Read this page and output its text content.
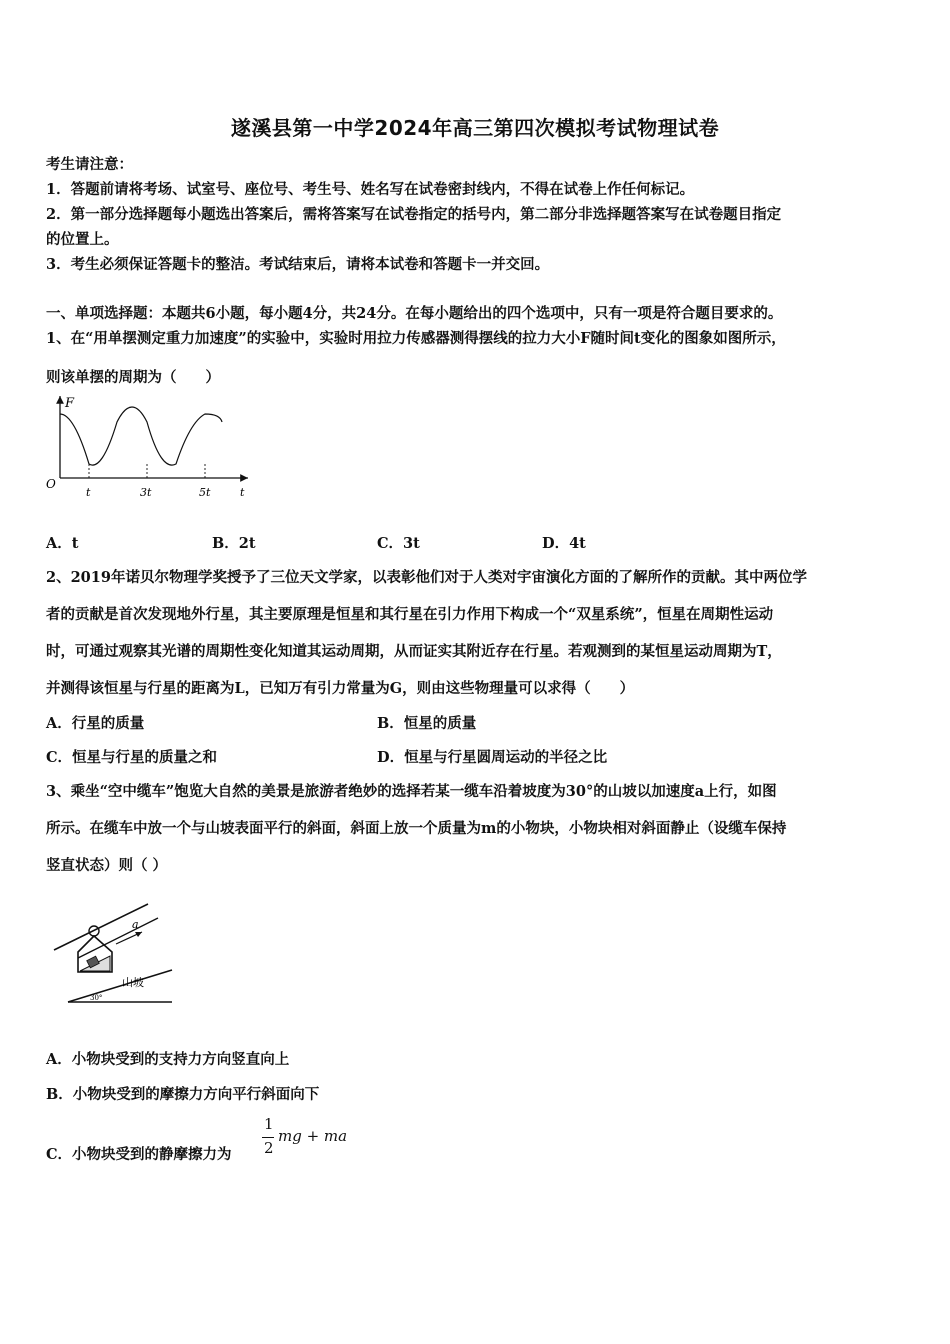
遂溪县第一中学2024年高三第四次模拟考试物理试卷
考生请注意：
1．答题前请将考场、试室号、座位号、考生号、姓名写在试卷密封线内，不得在试卷上作任何标记。
2．第一部分选择题每小题选出答案后，需将答案写在试卷指定的括号内，第二部分非选择题答案写在试卷题目指定
的位置上。
3．考生必须保证答题卡的整洁。考试结束后，请将本试卷和答题卡一并交回。
一、单项选择题：本题共6小题，每小题4分，共24分。在每小题给出的四个选项中，只有一项是符合题目要求的。
1、在“用单摆测定重力加速度”的实验中，实验时用拉力传感器测得摆线的拉力大小F随时间t变化的图象如图所示，
则该单摆的周期为（　　）
F
O
t
t	3t	5t
A．t	B．2t	C．3t	D．4t
2、2019年诺贝尔物理学奖授予了三位天文学家，以表彰他们对于人类对宇宙演化方面的了解所作的贡献。其中两位学
者的贡献是首次发现地外行星，其主要原理是恒星和其行星在引力作用下构成一个“双星系统”，恒星在周期性运动
时，可通过观察其光谱的周期性变化知道其运动周期，从而证实其附近存在行星。若观测到的某恒星运动周期为T，
并测得该恒星与行星的距离为L，已知万有引力常量为G，则由这些物理量可以求得（　　）
A．行星的质量	B．恒星的质量
C．恒星与行星的质量之和	D．恒星与行星圆周运动的半径之比
3、乘坐“空中缆车”饱览大自然的美景是旅游者绝妙的选择若某一缆车沿着坡度为30°的山坡以加速度a上行，如图
所示。在缆车中放一个与山坡表面平行的斜面，斜面上放一个质量为m的小物块，小物块相对斜面静止（设缆车保持
竖直状态）则（ ）
a
30°
山坡
A．小物块受到的支持力方向竖直向上
B．小物块受到的摩擦力方向平行斜面向下
C．小物块受到的静摩擦力为
1
2
mg + ma
